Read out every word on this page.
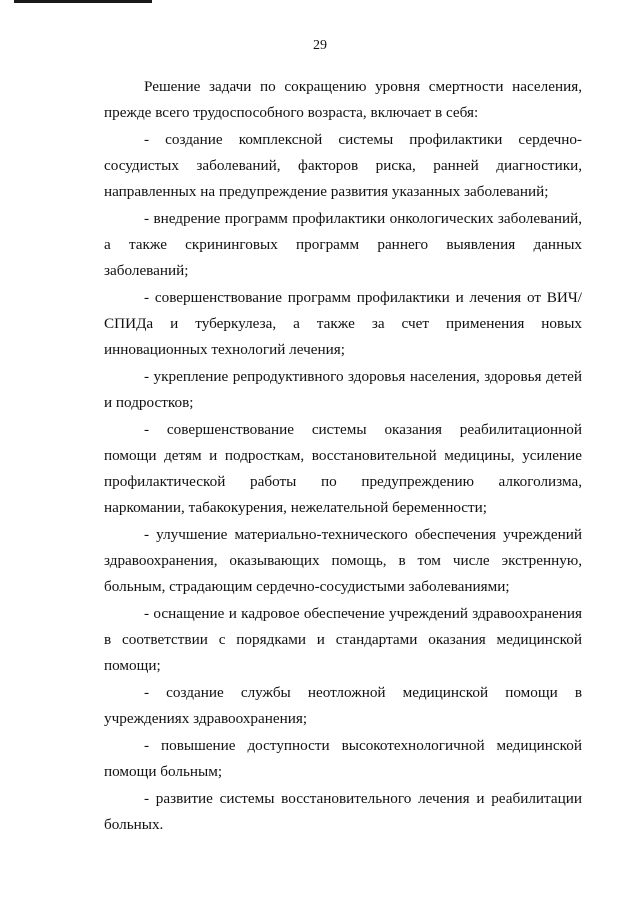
29

Решение задачи по сокращению уровня смертности населения, прежде всего трудоспособного возраста, включает в себя:

- создание комплексной системы профилактики сердечно-сосудистых заболеваний, факторов риска, ранней диагностики, направленных на предупреждение развития указанных заболеваний;

- внедрение программ профилактики онкологических заболеваний, а также скрининговых программ раннего выявления данных заболеваний;

- совершенствование программ профилактики и лечения от ВИЧ/СПИДа и туберкулеза, а также за счет применения новых инновационных технологий лечения;

- укрепление репродуктивного здоровья населения, здоровья детей и подростков;

- совершенствование системы оказания реабилитационной помощи детям и подросткам, восстановительной медицины, усиление профилактической работы по предупреждению алкоголизма, наркомании, табакокурения, нежелательной беременности;

- улучшение материально-технического обеспечения учреждений здравоохранения, оказывающих помощь, в том числе экстренную, больным, страдающим сердечно-сосудистыми заболеваниями;

- оснащение и кадровое обеспечение учреждений здравоохранения в соответствии с порядками и стандартами оказания медицинской помощи;

- создание службы неотложной медицинской помощи в учреждениях здравоохранения;

- повышение доступности высокотехнологичной медицинской помощи больным;

- развитие системы восстановительного лечения и реабилитации больных.
